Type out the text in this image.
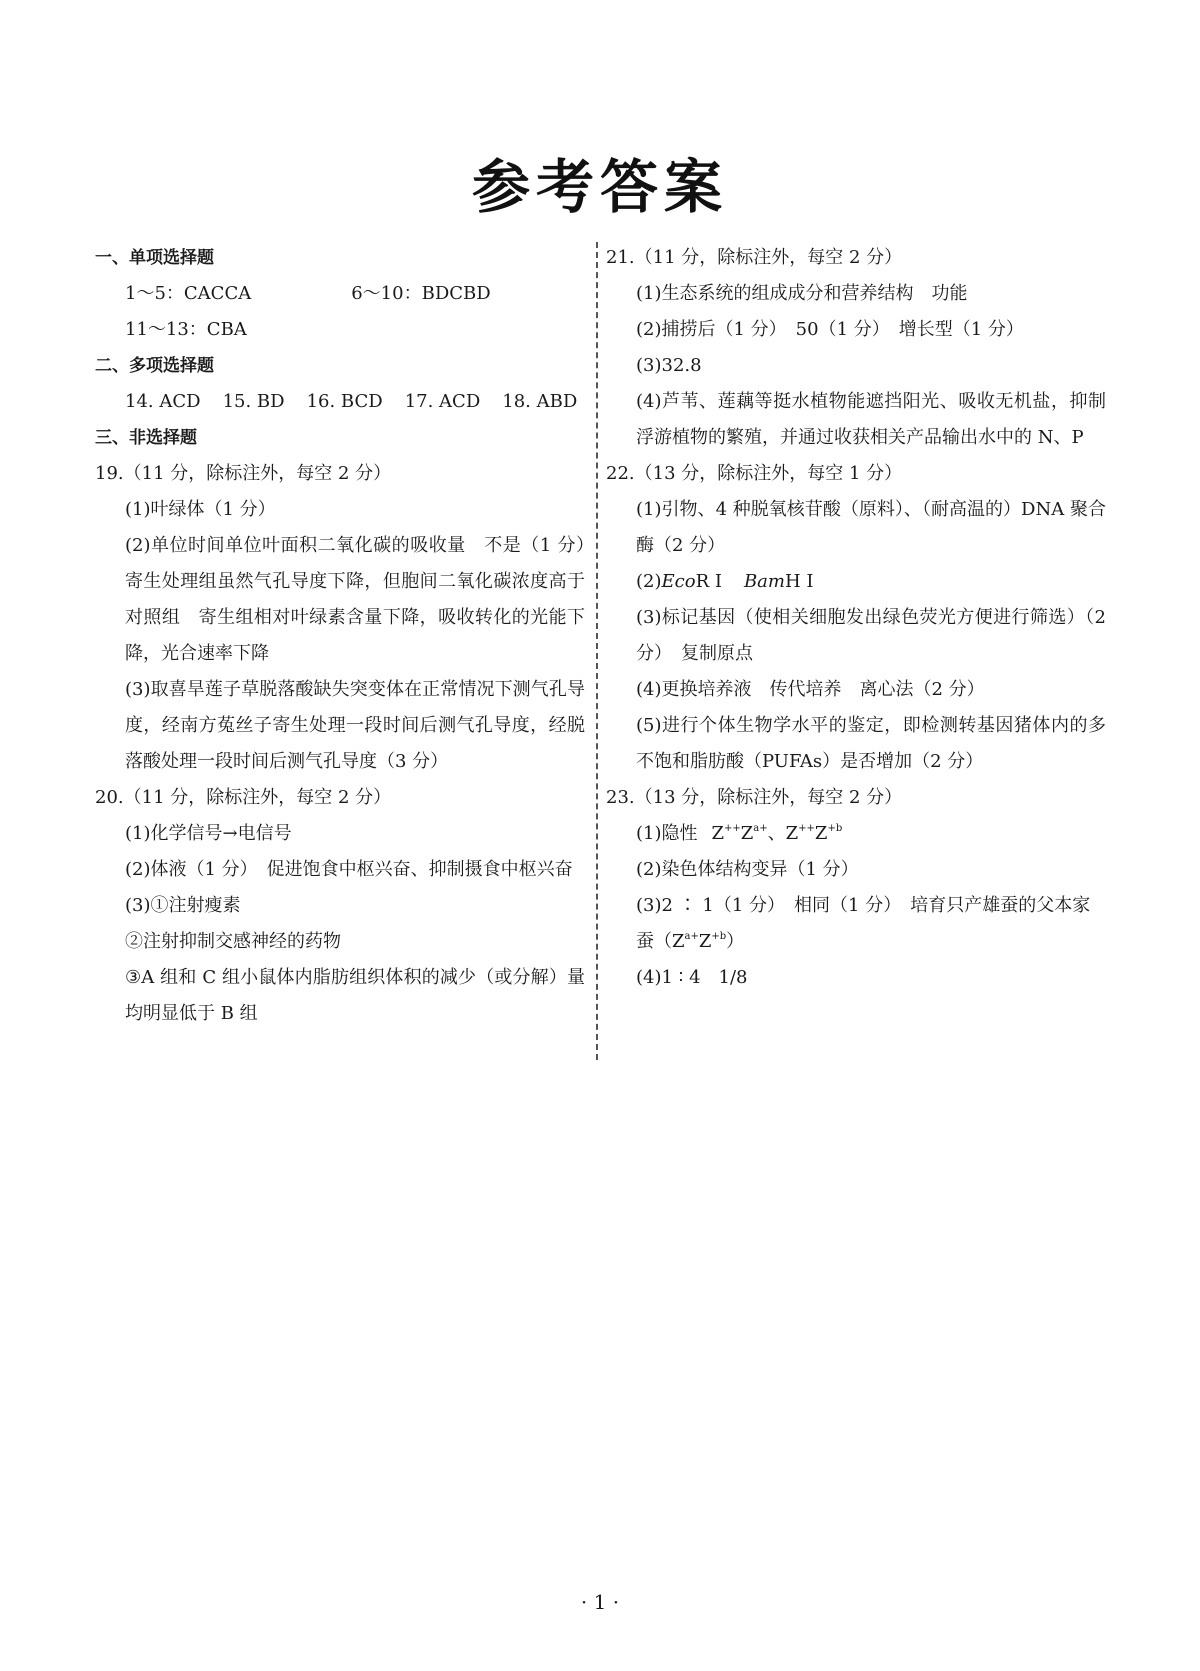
参考答案
一、单项选择题
1～5：CACCA	6～10：BDCBD
11～13：CBA
二、多项选择题
14. ACD 15. BD 16. BCD 17. ACD 18. ABD
三、非选择题
19.（11 分，除标注外，每空 2 分）
(1)叶绿体（1 分）
(2)单位时间单位叶面积二氧化碳的吸收量　不是（1 分）　寄生处理组虽然气孔导度下降，但胞间二氧化碳浓度高于对照组　寄生组相对叶绿素含量下降，吸收转化的光能下降，光合速率下降
(3)取喜旱莲子草脱落酸缺失突变体在正常情况下测气孔导度，经南方菟丝子寄生处理一段时间后测气孔导度，经脱落酸处理一段时间后测气孔导度（3 分）
20.（11 分，除标注外，每空 2 分）
(1)化学信号→电信号
(2)体液（1 分）　促进饱食中枢兴奋、抑制摄食中枢兴奋
(3)①注射瘦素
②注射抑制交感神经的药物
③A 组和 C 组小鼠体内脂肪组织体积的减少（或分解）量均明显低于 B 组
21.（11 分，除标注外，每空 2 分）
(1)生态系统的组成成分和营养结构　功能
(2)捕捞后（1 分）　50（1 分）　增长型（1 分）
(3)32.8
(4)芦苇、莲藕等挺水植物能遮挡阳光、吸收无机盐，抑制浮游植物的繁殖，并通过收获相关产品输出水中的 N、P
22.（13 分，除标注外，每空 1 分）
(1)引物、4 种脱氧核苷酸（原料）、（耐高温的）DNA 聚合酶（2 分）
(2)EcoR Ⅰ BamH Ⅰ
(3)标记基因（使相关细胞发出绿色荧光方便进行筛选）（2 分）　复制原点
(4)更换培养液　传代培养　离心法（2 分）
(5)进行个体生物学水平的鉴定，即检测转基因猪体内的多不饱和脂肪酸（PUFAs）是否增加（2 分）
23.（13 分，除标注外，每空 2 分）
(1)隐性 $Z^{++}Z^{a+}$、$Z^{++}Z^{+b}$
(2)染色体结构变异（1 分）
(3)2 ∶ 1（1 分）　相同（1 分）　培育只产雄蚕的父本家
蚕$(Z^{a+}Z^{+b})$
(4)1 ∶ 4　1/8
· 1 ·
